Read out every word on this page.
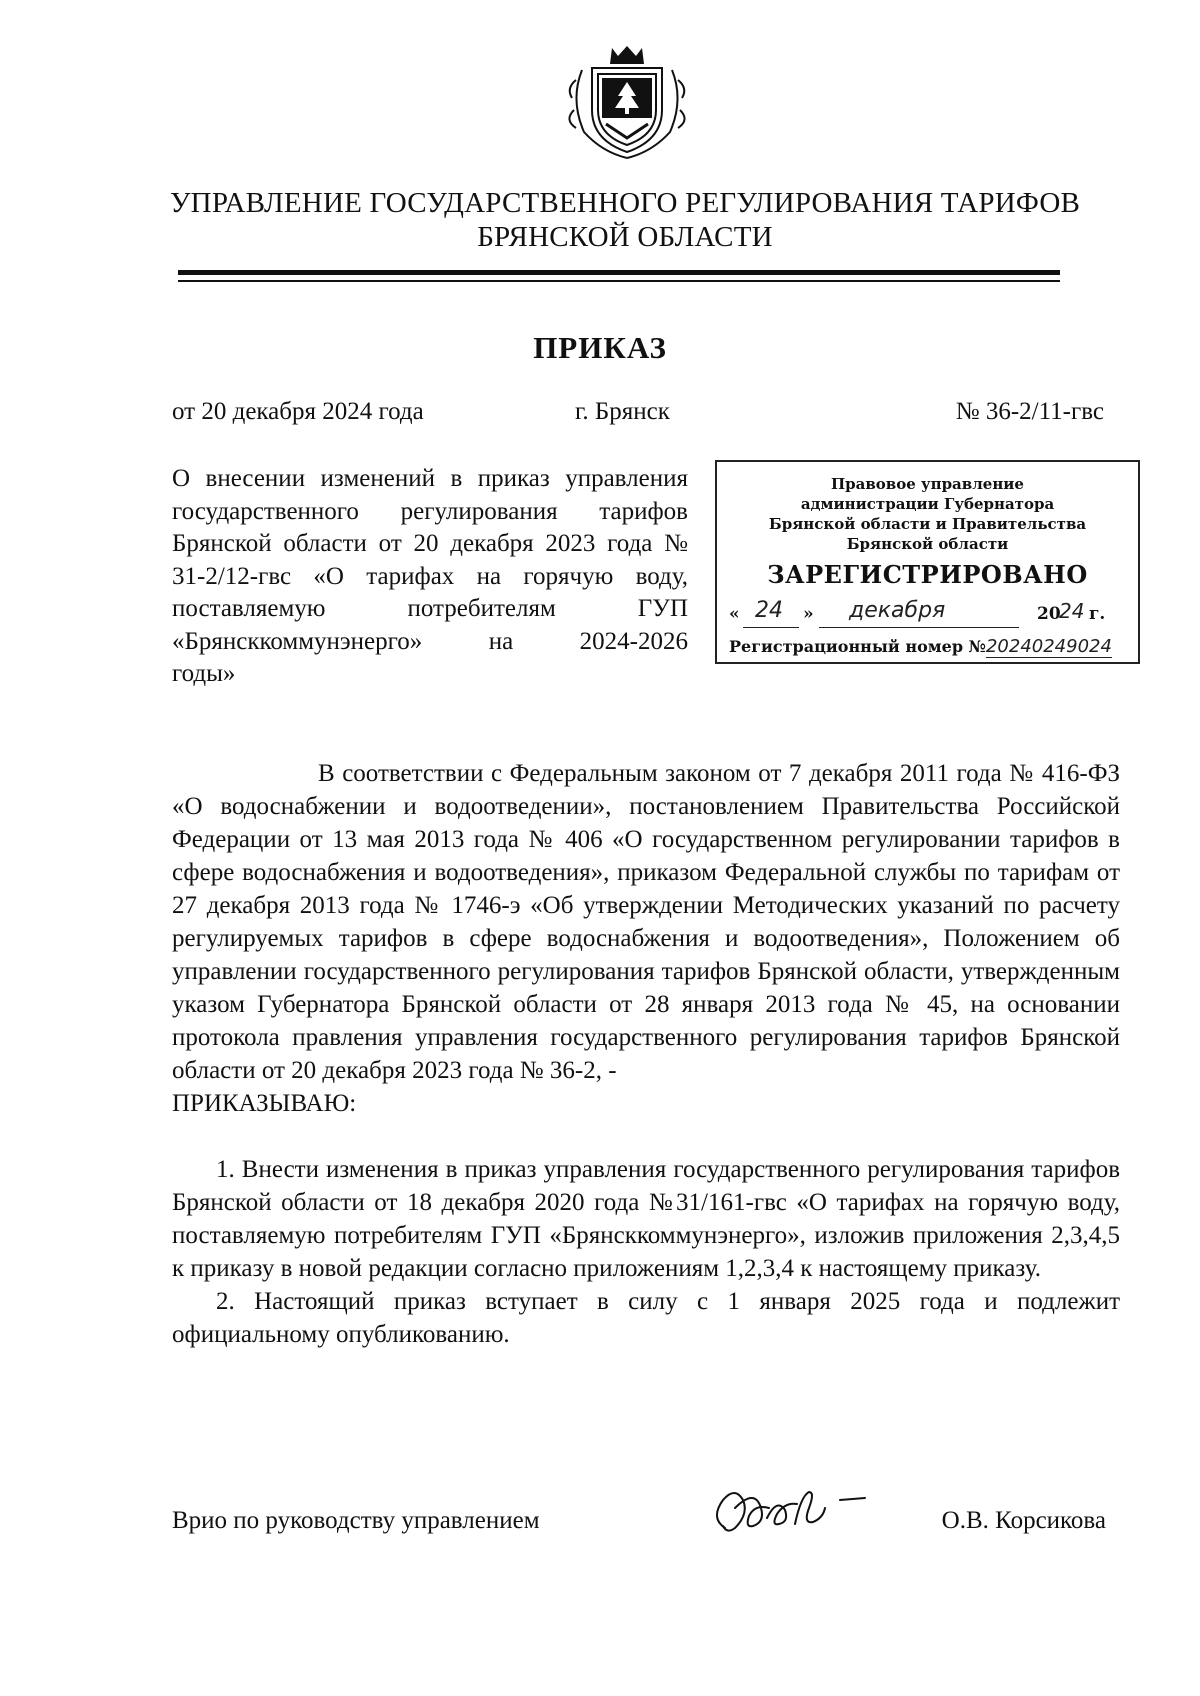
УПРАВЛЕНИЕ ГОСУДАРСТВЕННОГО РЕГУЛИРОВАНИЯ ТАРИФОВ
БРЯНСКОЙ ОБЛАСТИ
ПРИКАЗ
от 20 декабря 2024 года	г. Брянск	№ 36-2/11-гвс
О внесении изменений в приказ управления государственного регулирования тарифов Брянской области от 20 декабря 2023 года № 31-2/12-гвс «О тарифах на горячую воду, поставляемую потребителям ГУП «Брянсккоммунэнерго» на 2024-2026
годы»
Правовое управление
администрации Губернатора
Брянской области и Правительства
Брянской области
ЗАРЕГИСТРИРОВАНО
« 24 » декабря	20
24 г.
Регистрационный номер №20240249024

В соответствии с Федеральным законом от 7 декабря 2011 года № 416-ФЗ «О водоснабжении и водоотведении», постановлением Правительства Российской Федерации от 13 мая 2013 года № 406 «О государственном регулировании тарифов в сфере водоснабжения и водоотведения», приказом Федеральной службы по тарифам от 27 декабря 2013 года № 1746-э «Об утверждении Методических указаний по расчету регулируемых тарифов в сфере водоснабжения и водоотведения», Положением об управлении государственного регулирования тарифов Брянской области, утвержденным указом Губернатора Брянской области от 28 января 2013 года № 45, на основании протокола правления управления государственного регулирования тарифов Брянской области от 20 декабря 2023 года № 36-2, -

ПРИКАЗЫВАЮ:

1. Внести изменения в приказ управления государственного регулирования тарифов Брянской области от 18 декабря 2020 года №31/161-гвс «О тарифах на горячую воду, поставляемую потребителям ГУП «Брянсккоммунэнерго», изложив приложения 2,3,4,5 к приказу в новой редакции согласно приложениям 1,2,3,4 к настоящему приказу.

2. Настоящий приказ вступает в силу с 1 января 2025 года и подлежит официальному опубликованию.

Врио по руководству управлением	О.В. Корсикова
